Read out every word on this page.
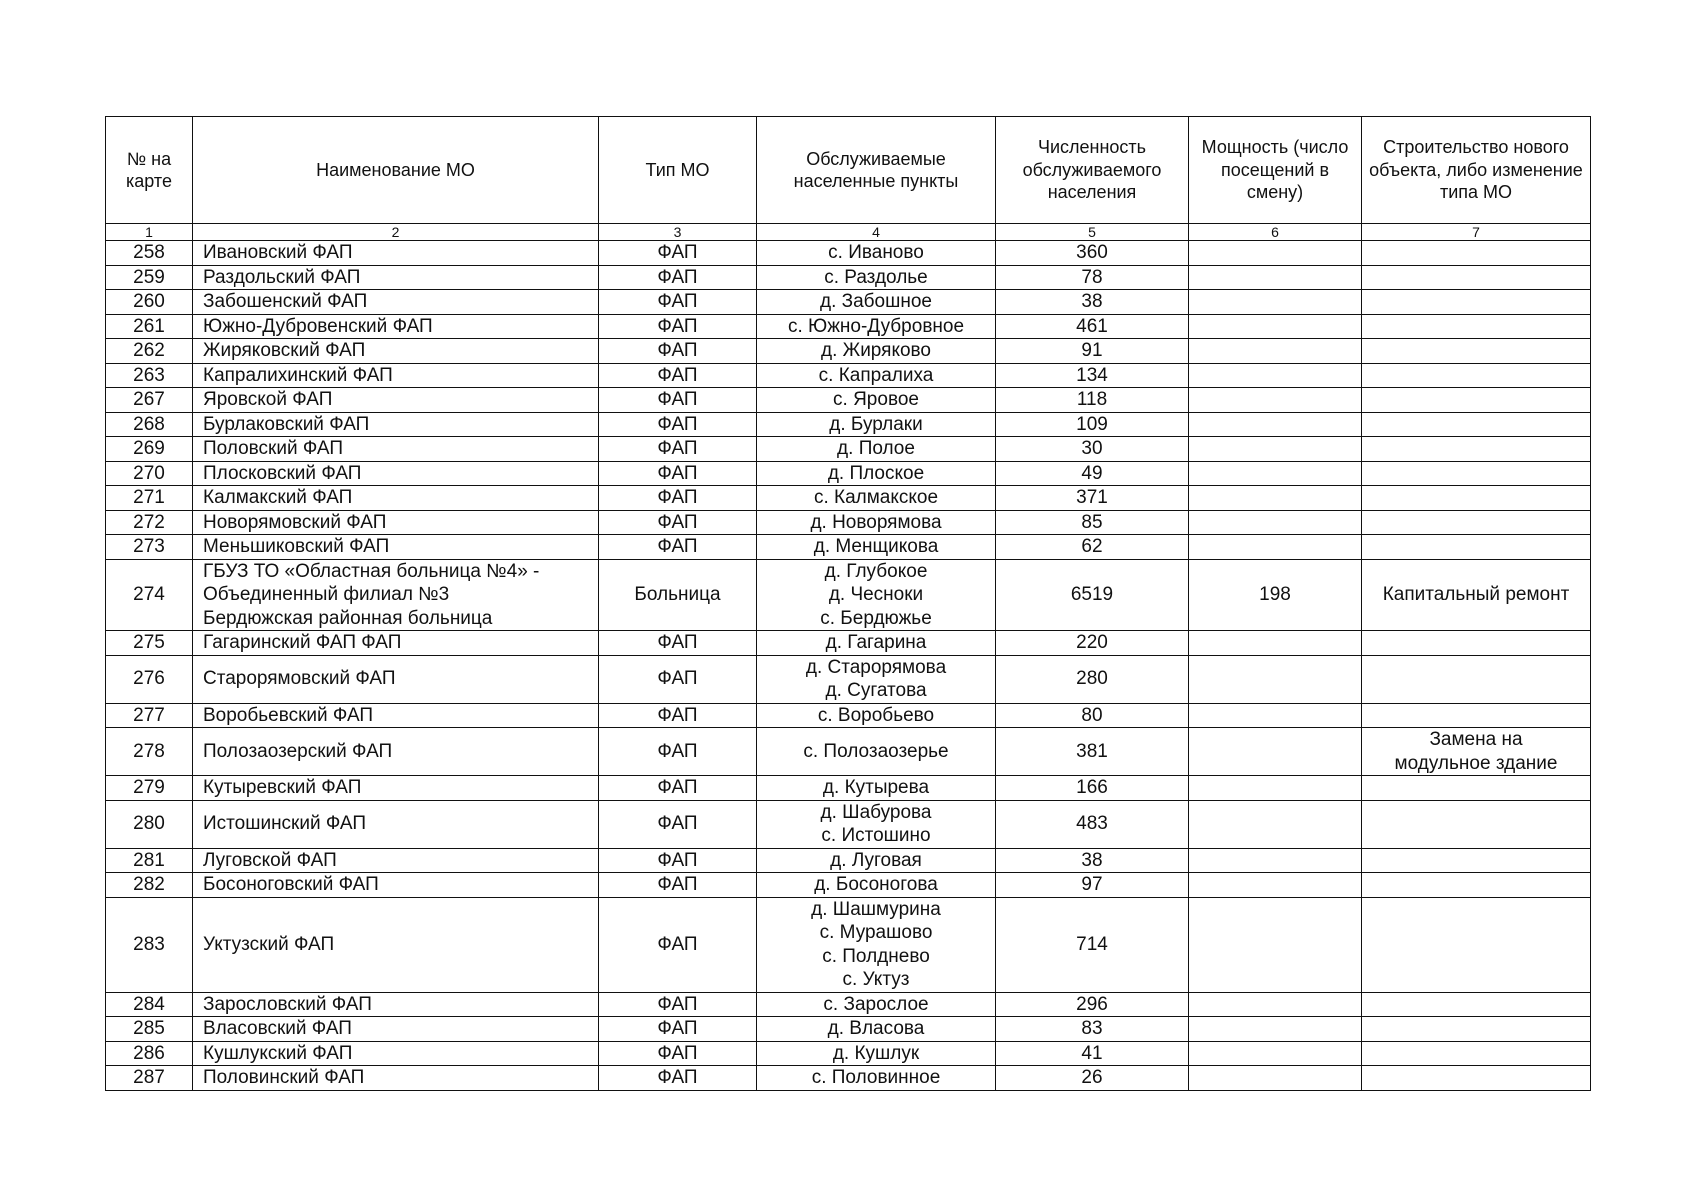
№ на карте	Наименование МО	Тип МО	Обслуживаемые населенные пункты	Численность обслуживаемого населения	Мощность (число посещений в смену)	Строительство нового объекта, либо изменение типа МО
1	2	3	4	5	6	7
258	Ивановский ФАП	ФАП	с. Иваново	360		
259	Раздольский ФАП	ФАП	с. Раздолье	78		
260	Забошенский ФАП	ФАП	д. Забошное	38		
261	Южно-Дубровенский ФАП	ФАП	с. Южно-Дубровное	461		
262	Жиряковский ФАП	ФАП	д. Жиряково	91		
263	Капралихинский ФАП	ФАП	с. Капралиха	134		
267	Яровской ФАП	ФАП	с. Яровое	118		
268	Бурлаковский ФАП	ФАП	д. Бурлаки	109		
269	Половский ФАП	ФАП	д. Полое	30		
270	Плосковский ФАП	ФАП	д. Плоское	49		
271	Калмакский ФАП	ФАП	с. Калмакское	371		
272	Новорямовский ФАП	ФАП	д. Новорямова	85		
273	Меньшиковский ФАП	ФАП	д. Менщикова	62		
274	ГБУЗ ТО «Областная больница №4» -
Объединенный филиал №3
Бердюжская районная больница	Больница	д. Глубокое
д. Чесноки
с. Бердюжье	6519	198	Капитальный ремонт

275	Гагаринский ФАП ФАП	ФАП	д. Гагарина	220		
276	Старорямовский ФАП	ФАП	д. Старорямова
д. Сугатова	280		
277	Воробьевский ФАП	ФАП	с. Воробьево	80		
278	Полозаозерский ФАП	ФАП	с. Полозаозерье	381		Замена на
модульное здание

279	Кутыревский ФАП	ФАП	д. Кутырева	166		
280	Истошинский ФАП	ФАП	д. Шабурова
с. Истошино	483		
281	Луговской ФАП	ФАП	д. Луговая	38		
282	Босоноговский ФАП	ФАП	д. Босоногова	97		
283	Уктузский ФАП	ФАП	д. Шашмурина
с. Мурашово
с. Полднево
с. Уктуз	714		
284	Зарословский ФАП	ФАП	с. Зарослое	296		
285	Власовский ФАП	ФАП	д. Власова	83		
286	Кушлукский ФАП	ФАП	д. Кушлук	41		
287	Половинский ФАП	ФАП	с. Половинное	26		
